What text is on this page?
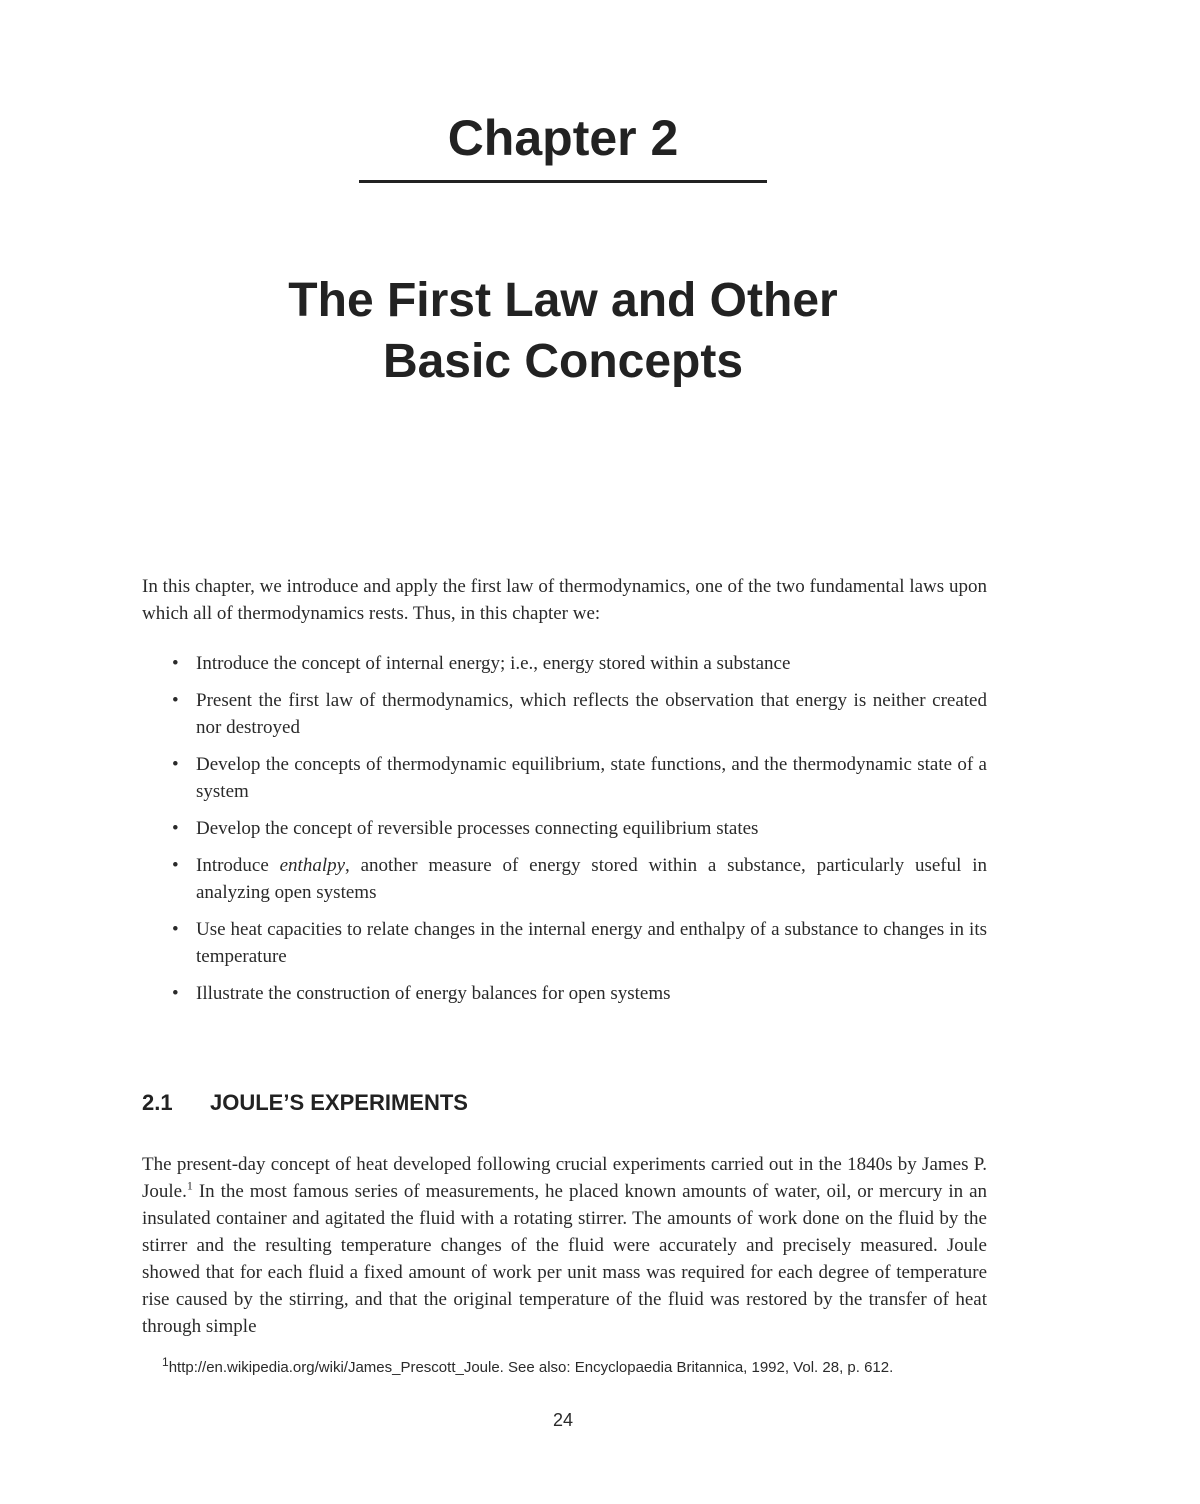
Chapter 2
The First Law and Other
Basic Concepts

In this chapter, we introduce and apply the first law of thermodynamics, one of the two fundamental laws upon which all of thermodynamics rests. Thus, in this chapter we:

• Introduce the concept of internal energy; i.e., energy stored within a substance
• Present the first law of thermodynamics, which reflects the observation that energy is neither created nor destroyed
• Develop the concepts of thermodynamic equilibrium, state functions, and the thermodynamic state of a system
• Develop the concept of reversible processes connecting equilibrium states
• Introduce enthalpy, another measure of energy stored within a substance, particularly useful in analyzing open systems
• Use heat capacities to relate changes in the internal energy and enthalpy of a substance to changes in its temperature
• Illustrate the construction of energy balances for open systems
2.1 JOULE’S EXPERIMENTS

The present-day concept of heat developed following crucial experiments carried out in the 1840s by James P. Joule.$^1$ In the most famous series of measurements, he placed known amounts of water, oil, or mercury in an insulated container and agitated the fluid with a rotating stirrer. The amounts of work done on the fluid by the stirrer and the resulting temperature changes of the fluid were accurately and precisely measured. Joule showed that for each fluid a fixed amount of work per unit mass was required for each degree of temperature rise caused by the stirring, and that the original temperature of the fluid was restored by the transfer of heat through simple

$^1$http://en.wikipedia.org/wiki/James_Prescott_Joule. See also: Encyclopaedia Britannica, 1992, Vol. 28, p. 612.

24
